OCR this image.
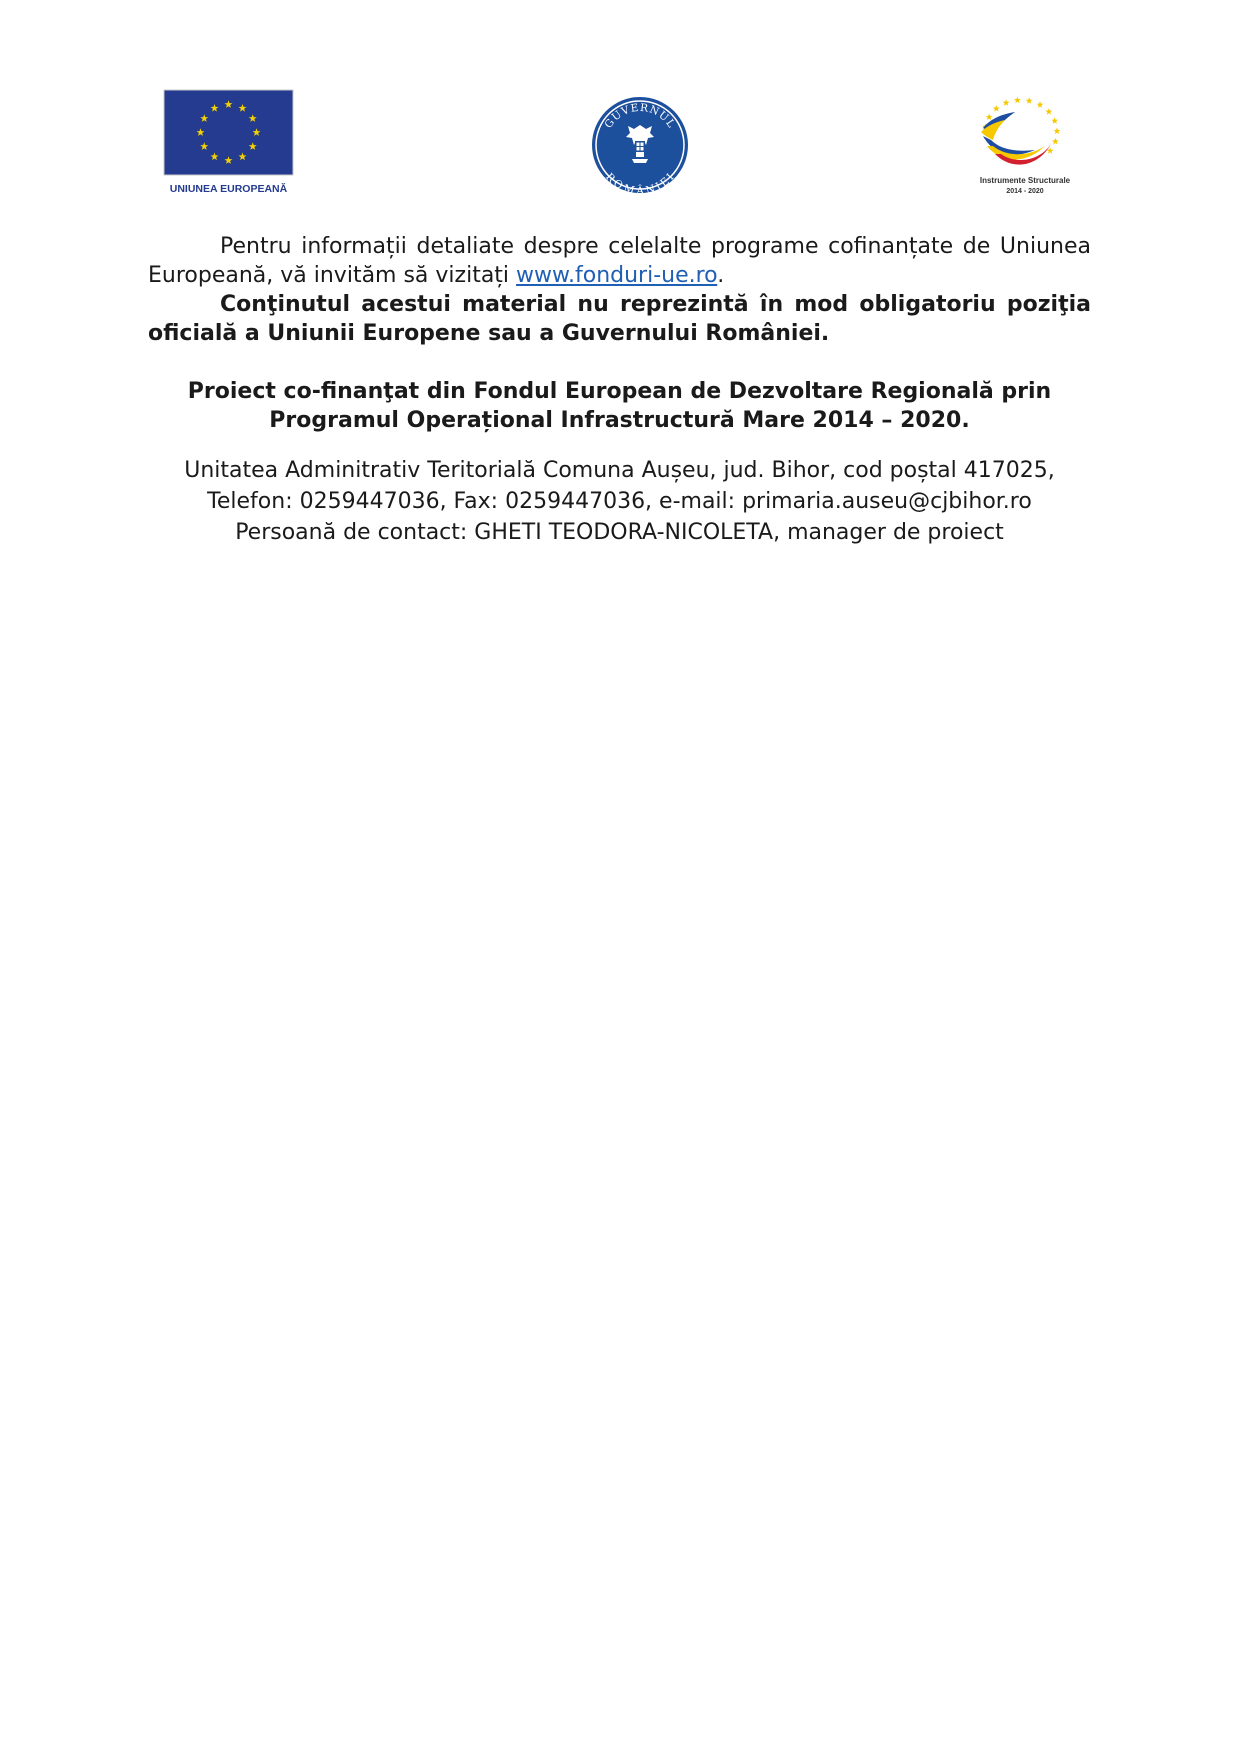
UNIUNEA EUROPEANĂ
GUVERNUL
ROMÂNIEI	Instrumente Structurale
2014 - 2020
Pentru informații detaliate despre celelalte programe cofinanțate de Uniunea Europeană, vă invităm să vizitați www.fonduri-ue.ro.
Conţinutul acestui material nu reprezintă în mod obligatoriu poziţia oficială a Uniunii Europene sau a Guvernului României.
Proiect co-finanţat din Fondul European de Dezvoltare Regională prin Programul Operațional Infrastructură Mare 2014 – 2020.
Unitatea Adminitrativ Teritorială Comuna Aușeu, jud. Bihor, cod poștal 417025,
Telefon: 0259447036, Fax: 0259447036, e-mail: primaria.auseu@cjbihor.ro
Persoană de contact: GHETI TEODORA-NICOLETA, manager de proiect
